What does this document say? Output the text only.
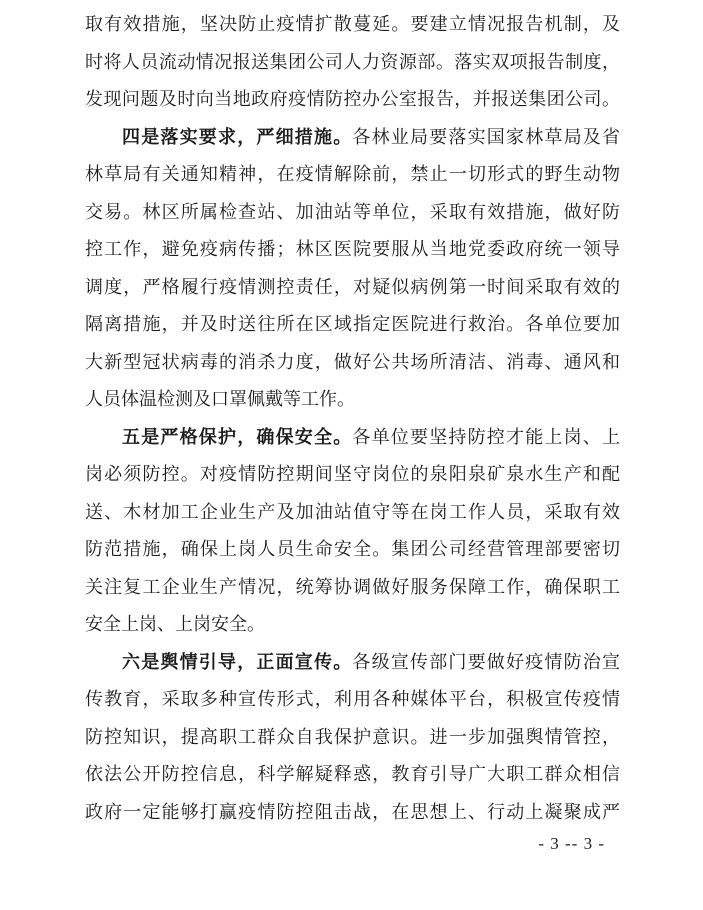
取有效措施，坚决防止疫情扩散蔓延。要建立情况报告机制，及
时将人员流动情况报送集团公司人力资源部。落实双项报告制度，
发现问题及时向当地政府疫情防控办公室报告，并报送集团公司。
四是落实要求，严细措施。各林业局要落实国家林草局及省
林草局有关通知精神，在疫情解除前，禁止一切形式的野生动物
交易。林区所属检查站、加油站等单位，采取有效措施，做好防
控工作，避免疫病传播；林区医院要服从当地党委政府统一领导
调度，严格履行疫情测控责任，对疑似病例第一时间采取有效的
隔离措施，并及时送往所在区域指定医院进行救治。各单位要加
大新型冠状病毒的消杀力度，做好公共场所清洁、消毒、通风和
人员体温检测及口罩佩戴等工作。
五是严格保护，确保安全。各单位要坚持防控才能上岗、上
岗必须防控。对疫情防控期间坚守岗位的泉阳泉矿泉水生产和配
送、木材加工企业生产及加油站值守等在岗工作人员，采取有效
防范措施，确保上岗人员生命安全。集团公司经营管理部要密切
关注复工企业生产情况，统筹协调做好服务保障工作，确保职工
安全上岗、上岗安全。
六是舆情引导，正面宣传。各级宣传部门要做好疫情防治宣
传教育，采取多种宣传形式，利用各种媒体平台，积极宣传疫情
防控知识，提高职工群众自我保护意识。进一步加强舆情管控，
依法公开防控信息，科学解疑释惑，教育引导广大职工群众相信
政府一定能够打赢疫情防控阻击战，在思想上、行动上凝聚成严
- 3 -- 3 -
